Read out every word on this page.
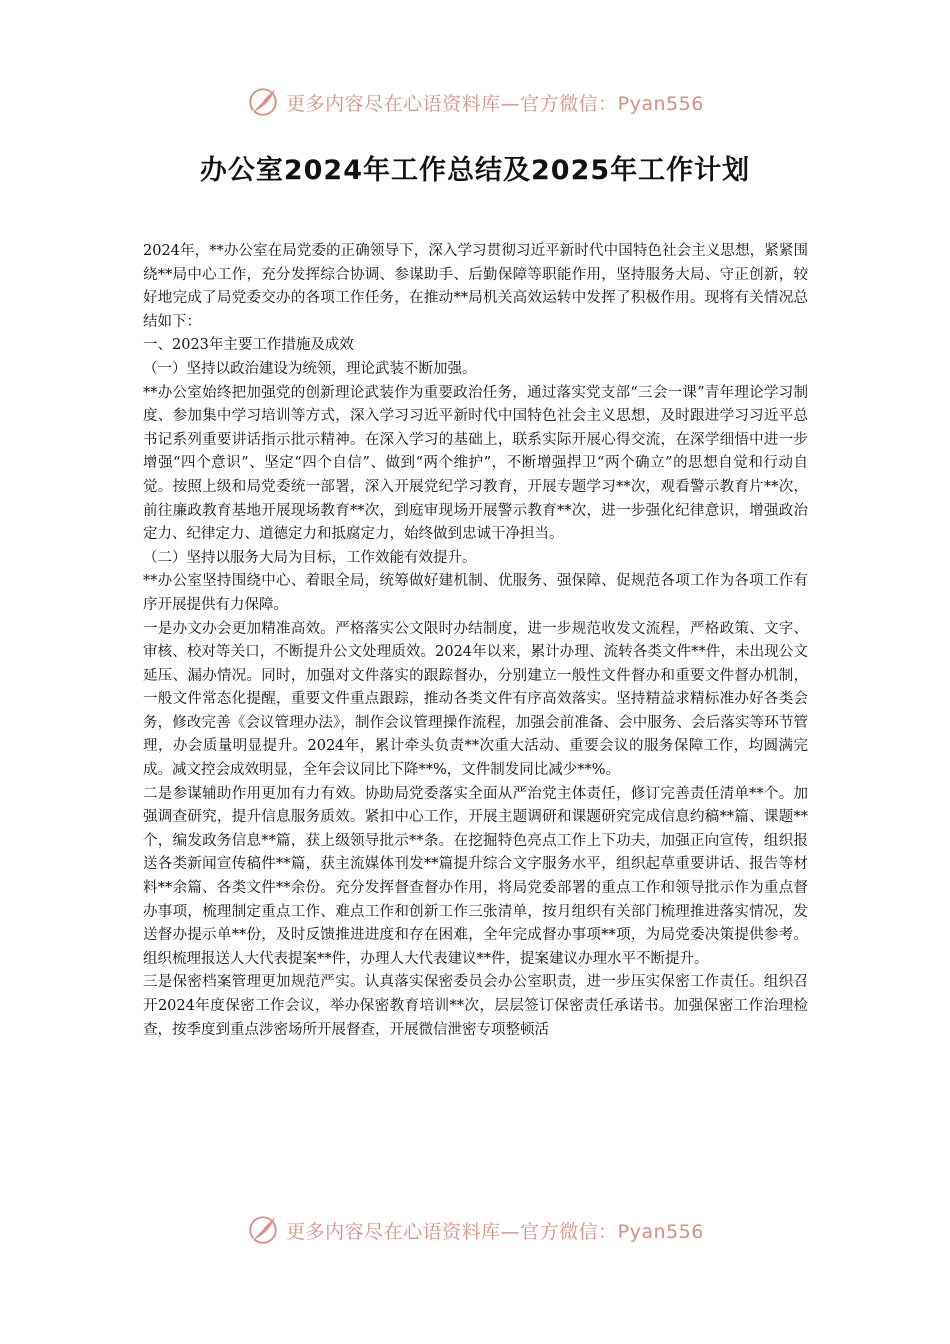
更多内容尽在心语资料库—官方微信：Pyan556
办公室2024年工作总结及2025年工作计划

2024年，**办公室在局党委的正确领导下，深入学习贯彻习近平新时代中国特色社会主义思想，紧紧围绕**局中心工作，充分发挥综合协调、参谋助手、后勤保障等职能作用，坚持服务大局、守正创新，较好地完成了局党委交办的各项工作任务，在推动**局机关高效运转中发挥了积极作用。现将有关情况总结如下：

一、2023年主要工作措施及成效

（一）坚持以政治建设为统领，理论武装不断加强。

**办公室始终把加强党的创新理论武装作为重要政治任务，通过落实党支部“三会一课”青年理论学习制度、参加集中学习培训等方式，深入学习习近平新时代中国特色社会主义思想，及时跟进学习习近平总书记系列重要讲话指示批示精神。在深入学习的基础上，联系实际开展心得交流，在深学细悟中进一步增强“四个意识”、坚定“四个自信”、做到“两个维护”，不断增强捍卫“两个确立”的思想自觉和行动自觉。按照上级和局党委统一部署，深入开展党纪学习教育，开展专题学习**次，观看警示教育片**次，前往廉政教育基地开展现场教育**次，到庭审现场开展警示教育**次，进一步强化纪律意识，增强政治定力、纪律定力、道德定力和抵腐定力，始终做到忠诚干净担当。

（二）坚持以服务大局为目标，工作效能有效提升。

**办公室坚持围绕中心、着眼全局，统筹做好建机制、优服务、强保障、促规范各项工作为各项工作有序开展提供有力保障。

一是办文办会更加精准高效。严格落实公文限时办结制度，进一步规范收发文流程，严格政策、文字、审核、校对等关口，不断提升公文处理质效。2024年以来，累计办理、流转各类文件**件，未出现公文延压、漏办情况。同时，加强对文件落实的跟踪督办，分别建立一般性文件督办和重要文件督办机制，一般文件常态化提醒，重要文件重点跟踪，推动各类文件有序高效落实。坚持精益求精标准办好各类会务，修改完善《会议管理办法》，制作会议管理操作流程，加强会前准备、会中服务、会后落实等环节管理，办会质量明显提升。2024年，累计牵头负责**次重大活动、重要会议的服务保障工作，均圆满完成。减文控会成效明显，全年会议同比下降**%，文件制发同比减少**%。

二是参谋辅助作用更加有力有效。协助局党委落实全面从严治党主体责任，修订完善责任清单**个。加强调查研究，提升信息服务质效。紧扣中心工作，开展主题调研和课题研究完成信息约稿**篇、课题**个，编发政务信息**篇，获上级领导批示**条。在挖掘特色亮点工作上下功夫，加强正向宣传，组织报送各类新闻宣传稿件**篇，获主流媒体刊发**篇提升综合文字服务水平，组织起草重要讲话、报告等材料**余篇、各类文件**余份。充分发挥督查督办作用，将局党委部署的重点工作和领导批示作为重点督办事项，梳理制定重点工作、难点工作和创新工作三张清单，按月组织有关部门梳理推进落实情况，发送督办提示单**份，及时反馈推进进度和存在困难，全年完成督办事项**项，为局党委决策提供参考。组织梳理报送人大代表提案**件，办理人大代表建议**件，提案建议办理水平不断提升。

三是保密档案管理更加规范严实。认真落实保密委员会办公室职责，进一步压实保密工作责任。组织召开2024年度保密工作会议，举办保密教育培训**次，层层签订保密责任承诺书。加强保密工作治理检查，按季度到重点涉密场所开展督查，开展微信泄密专项整顿活

更多内容尽在心语资料库—官方微信：Pyan556
